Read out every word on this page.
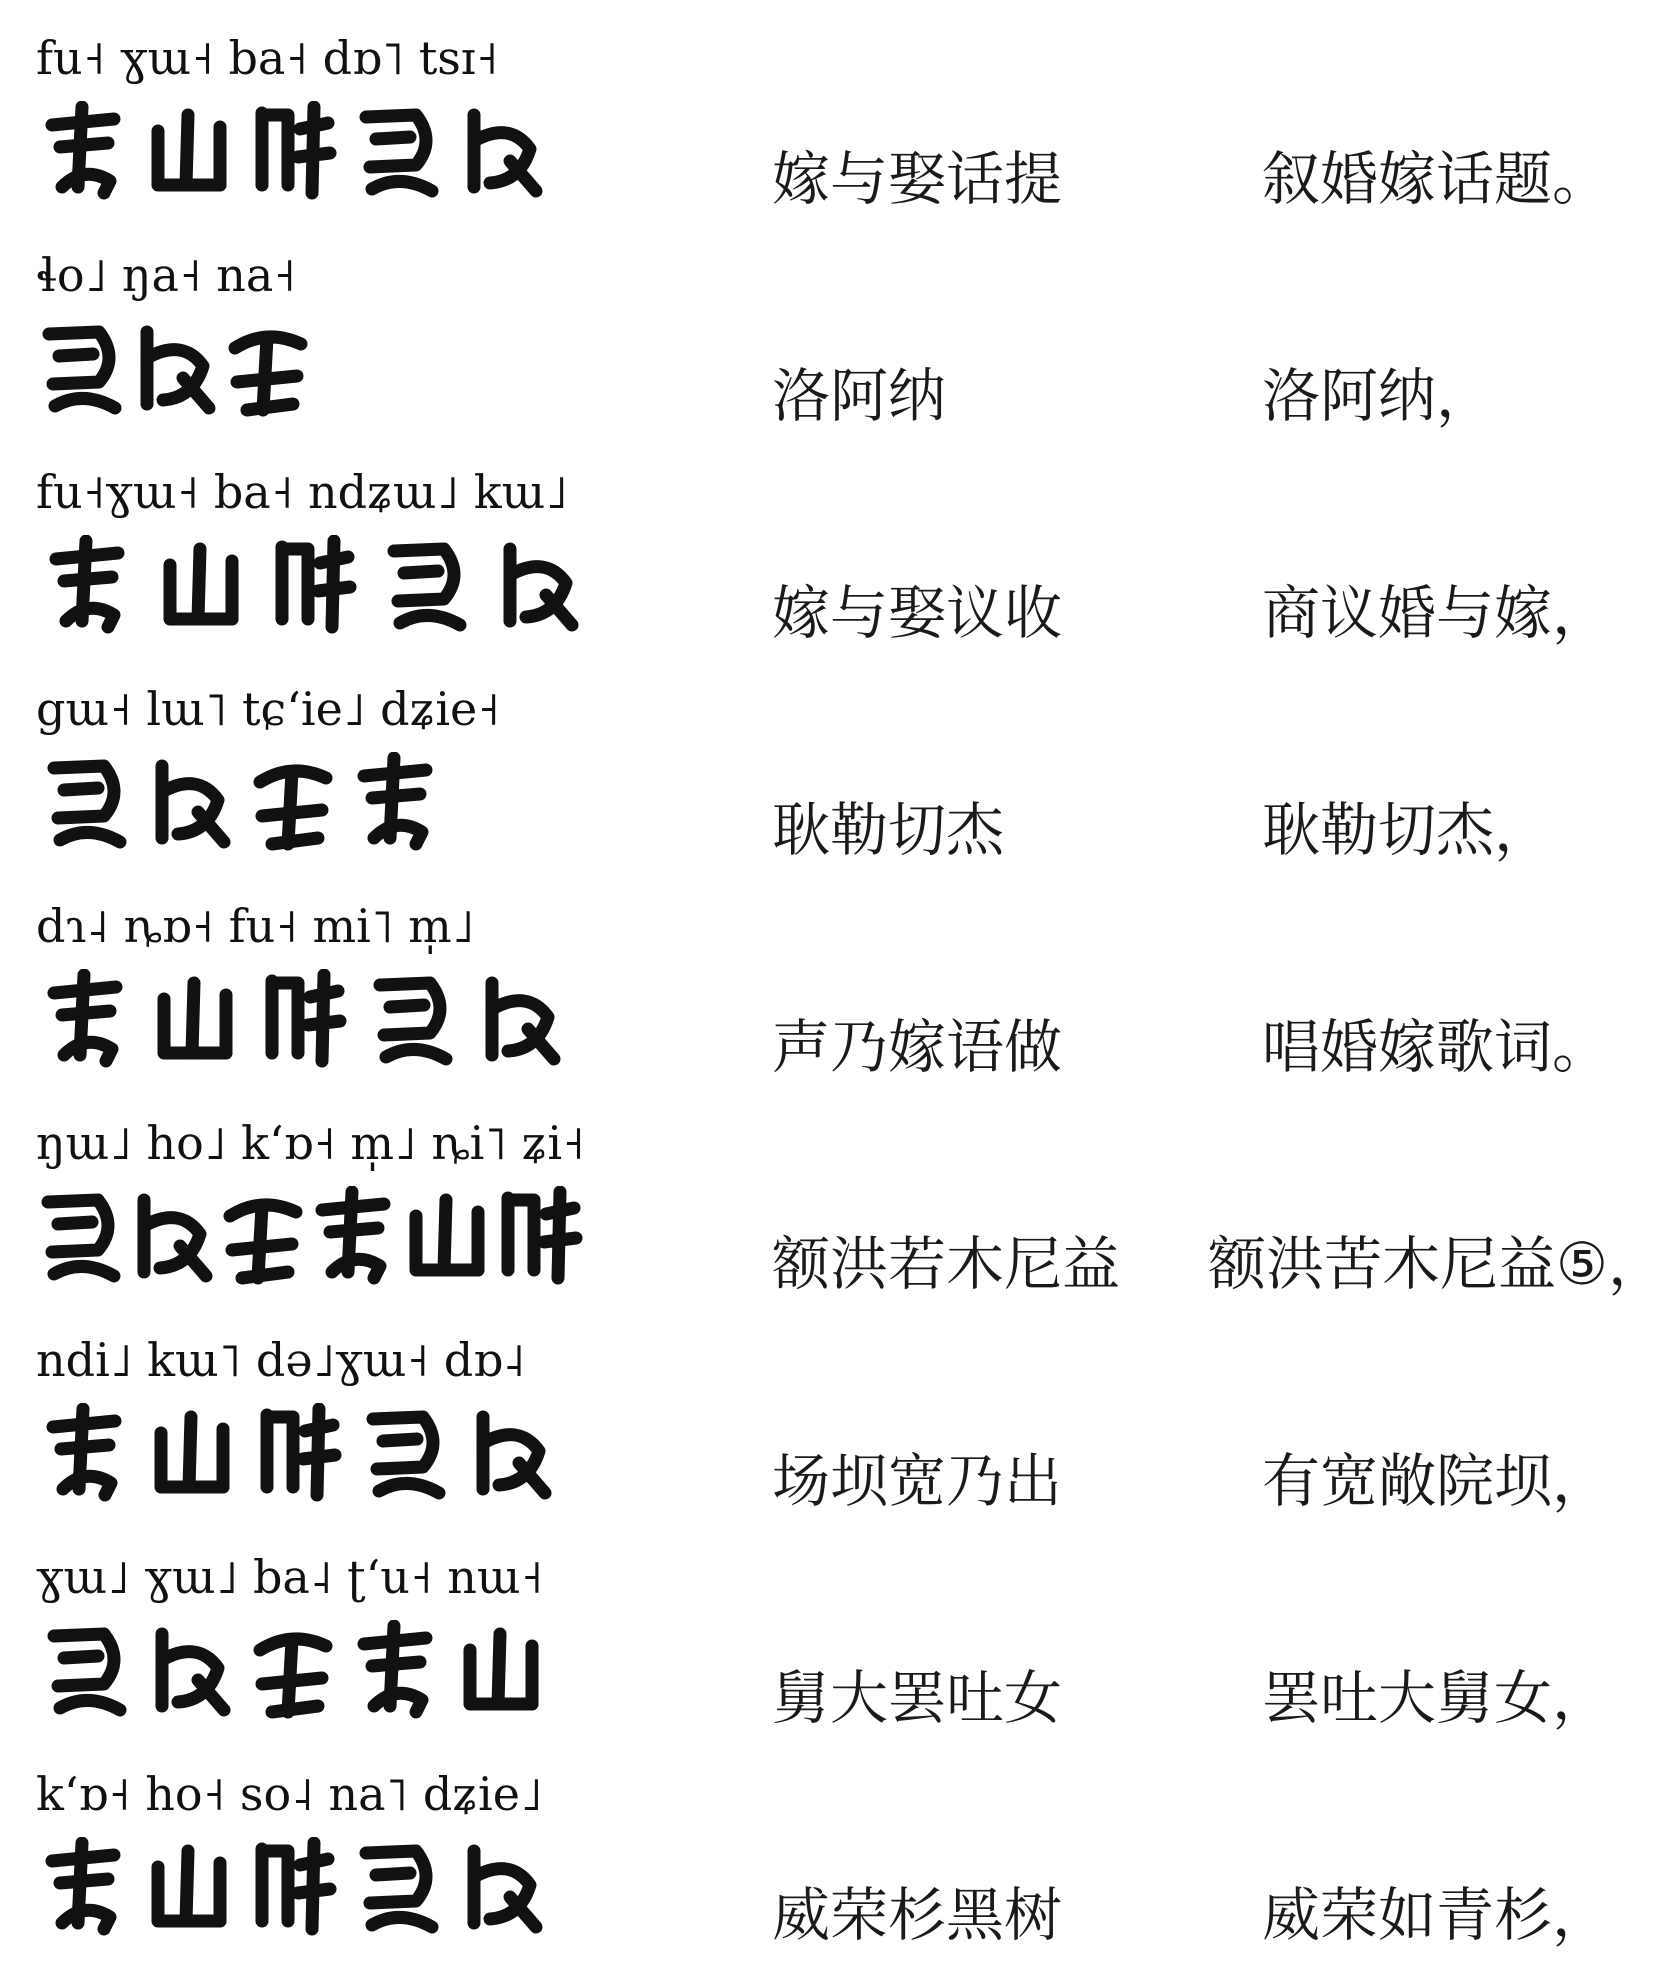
fu˧ ɣɯ˧ ba˧ dɒ˥ tsɪ˧
嫁与娶话提	叙婚嫁话题。
ɬo˩ ŋa˧ na˧
洛阿纳	洛阿纳，
fu˧ɣɯ˧ ba˧ ndʑɯ˩ kɯ˩
嫁与娶议收	商议婚与嫁，
gɯ˧ lɯ˥ tɕʻie˩ dʑie˧
耿勒切杰	耿勒切杰，
dɿ˨ ȵɒ˧ fu˧ mi˥ m̩˩
声乃嫁语做	唱婚嫁歌词。
ŋɯ˩ ho˩ kʻɒ˧ m̩˩ ȵi˥ ʑi˧
额洪若木尼益 额洪苦木尼益⑤，
ndi˩ kɯ˥ də˩ɣɯ˧ dɒ˨
场坝宽乃出	有宽敞院坝，
ɣɯ˩ ɣɯ˩ ba˨ ʈʻu˧ nɯ˧
舅大罢吐女	罢吐大舅女，
kʻɒ˧ ho˧ so˨ na˥ dʑie˩
威荣杉黑树	威荣如青杉，
